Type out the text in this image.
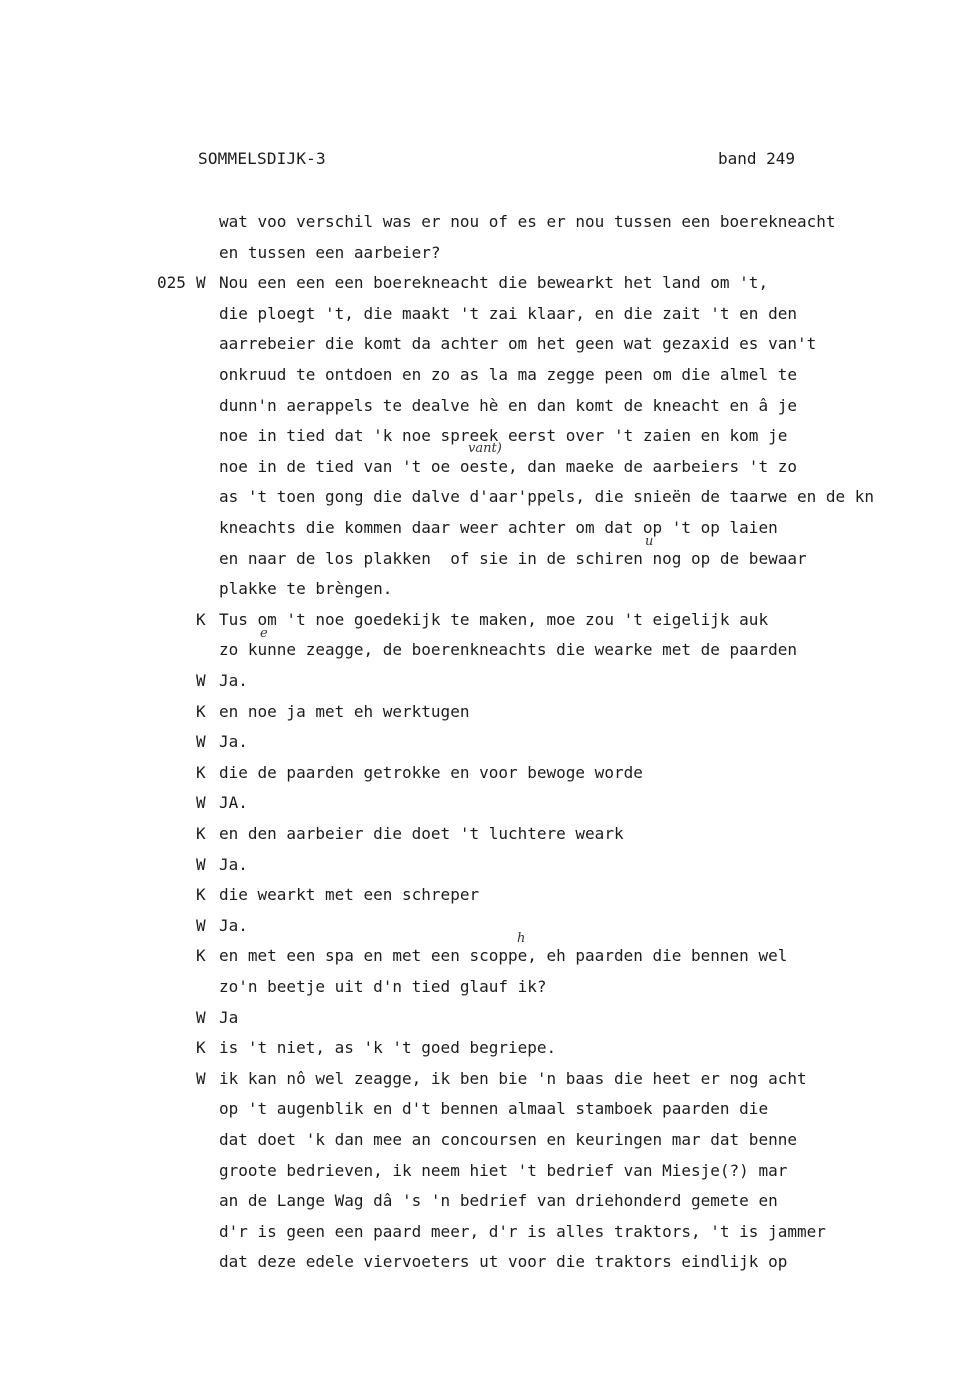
SOMMELSDIJK-3	band 249
wat voo verschil was er nou of es er nou tussen een boerekneacht
en tussen een aarbeier?
025 W Nou een een een boerekneacht die bewearkt het land om 't,
die ploegt 't, die maakt 't zai klaar, en die zait 't en den
aarrebeier die komt da achter om het geen wat gezaxid es van't
onkruud te ontdoen en zo as la ma zegge peen om die almel te
dunn'n aerappels te dealve hè en dan komt de kneacht en â je
noe in tied dat 'k noe spreek eerst over 't zaien en kom je
noe in de tied van 't oe oeste, dan maeke de aarbeiers 't zo
as 't toen gong die dalve d'aar'ppels, die snieën de taarwe en de kn
kneachts die kommen daar weer achter om dat op 't op laien
en naar de los plakken  of sie in de schiren nog op de bewaar
plakke te brèngen.
K Tus om 't noe goedekijk te maken, moe zou 't eigelijk auk
zo kunne zeagge, de boerenkneachts die wearke met de paarden
W Ja.
K en noe ja met eh werktugen
W Ja.
K die de paarden getrokke en voor bewoge worde
W JA.
K en den aarbeier die doet 't luchtere weark
W Ja.
K die wearkt met een schreper
W Ja.
K en met een spa en met een scoppe, eh paarden die bennen wel
zo'n beetje uit d'n tied glauf ik?
W Ja
K is 't niet, as 'k 't goed begriepe.
W ik kan nô wel zeagge, ik ben bie 'n baas die heet er nog acht
op 't augenblik en d't bennen almaal stamboek paarden die
dat doet 'k dan mee an concoursen en keuringen mar dat benne
groote bedrieven, ik neem hiet 't bedrief van Miesje(?) mar
an de Lange Wag dâ 's 'n bedrief van driehonderd gemete en
d'r is geen een paard meer, d'r is alles traktors, 't is jammer
dat deze edele viervoeters ut voor die traktors eindlijk op
vant)
e
u
h
